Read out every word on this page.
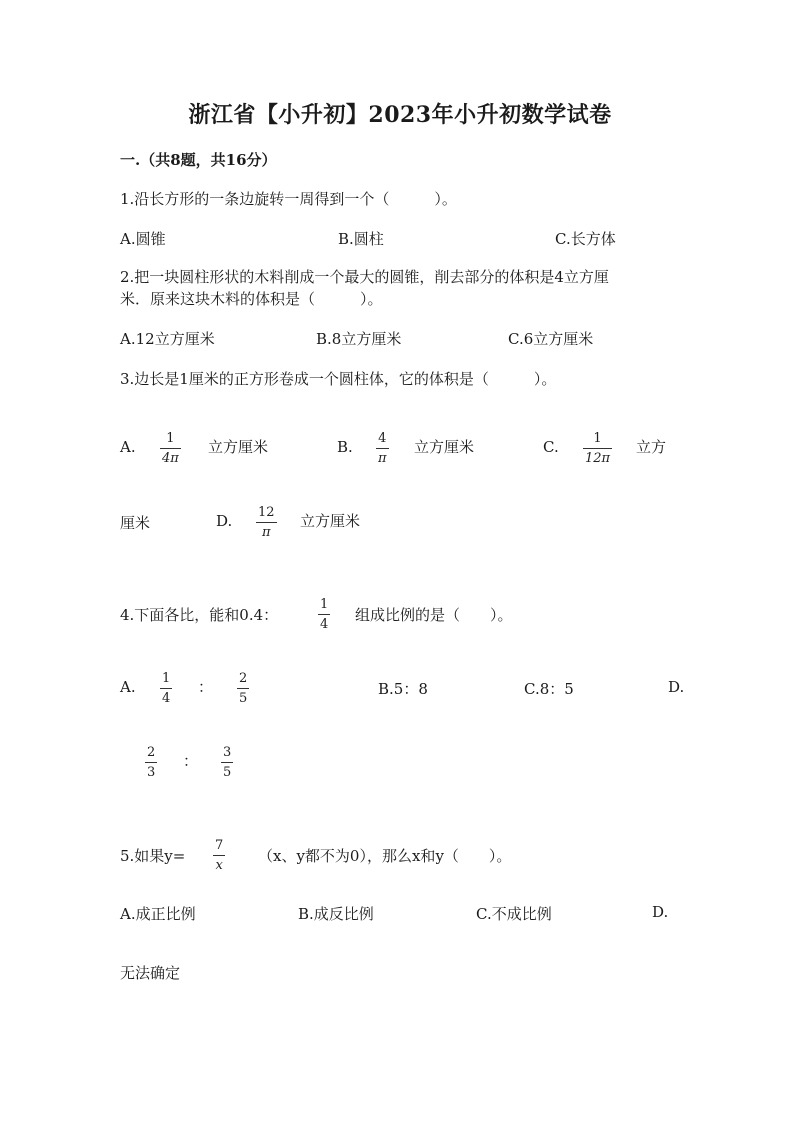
浙江省【小升初】2023年小升初数学试卷
一.（共8题，共16分）
1.沿长方形的一条边旋转一周得到一个（　　　）。
A.圆锥	B.圆柱	C.长方体
2.把一块圆柱形状的木料削成一个最大的圆锥，削去部分的体积是4立方厘
米．原来这块木料的体积是（　　　）。
A.12立方厘米	B.8立方厘米	C.6立方厘米
3.边长是1厘米的正方形卷成一个圆柱体，它的体积是（　　　）。
A. 1
4π
立方厘米	B. 4
π
立方厘米	C.	1
12π
立方
厘米	D. 12
π
立方厘米
4.下面各比，能和0.4：
1
4
组成比例的是（　　）。
A. 1
4
： 2
5
B.5：8	C.8：5	D.
2
3
： 3
5
5.如果y=
7
x
（x、y都不为0），那么x和y（　　）。
A.成正比例	B.成反比例	C.不成比例	D.
无法确定
